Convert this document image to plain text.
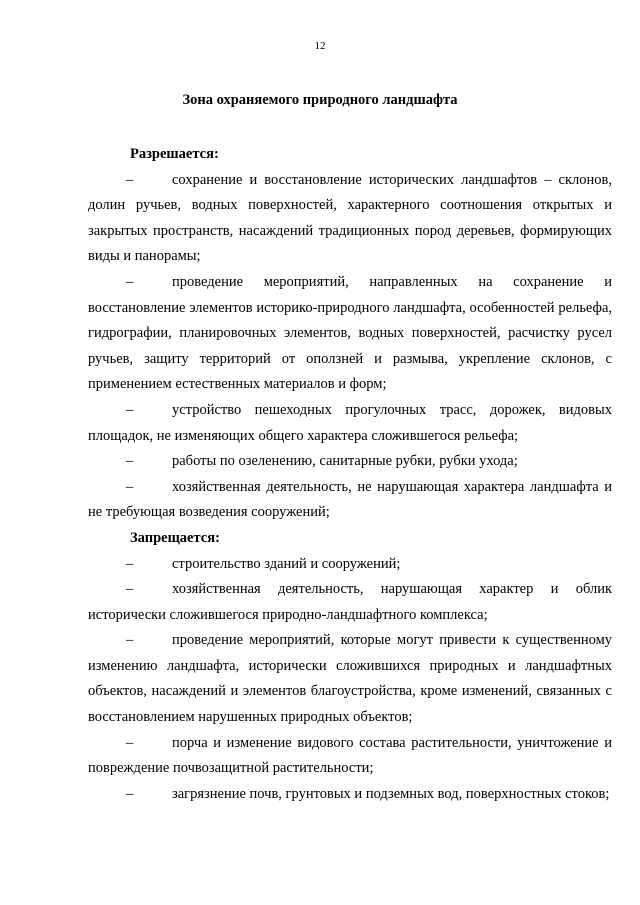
12
Зона охраняемого природного ландшафта
Разрешается:
–	сохранение и восстановление исторических ландшафтов – склонов, долин ручьев, водных поверхностей, характерного соотношения открытых и закрытых пространств, насаждений традиционных пород деревьев, формирующих виды и панорамы;
–	проведение мероприятий, направленных на сохранение и восстановление элементов историко-природного ландшафта, особенностей рельефа, гидрографии, планировочных элементов, водных поверхностей, расчистку русел ручьев, защиту территорий от оползней и размыва, укрепление склонов, с применением естественных материалов и форм;
–	устройство пешеходных прогулочных трасс, дорожек, видовых площадок, не изменяющих общего характера сложившегося рельефа;
–	работы по озеленению, санитарные рубки, рубки ухода;
–	хозяйственная деятельность, не нарушающая характера ландшафта и не требующая возведения сооружений;
Запрещается:
–	строительство зданий и сооружений;
–	хозяйственная деятельность, нарушающая характер и облик исторически сложившегося природно-ландшафтного комплекса;
–	проведение мероприятий, которые могут привести к существенному изменению ландшафта, исторически сложившихся природных и ландшафтных объектов, насаждений и элементов благоустройства, кроме изменений, связанных с восстановлением нарушенных природных объектов;
–	порча и изменение видового состава растительности, уничтожение и повреждение почвозащитной растительности;
–	загрязнение почв, грунтовых и подземных вод, поверхностных стоков;
